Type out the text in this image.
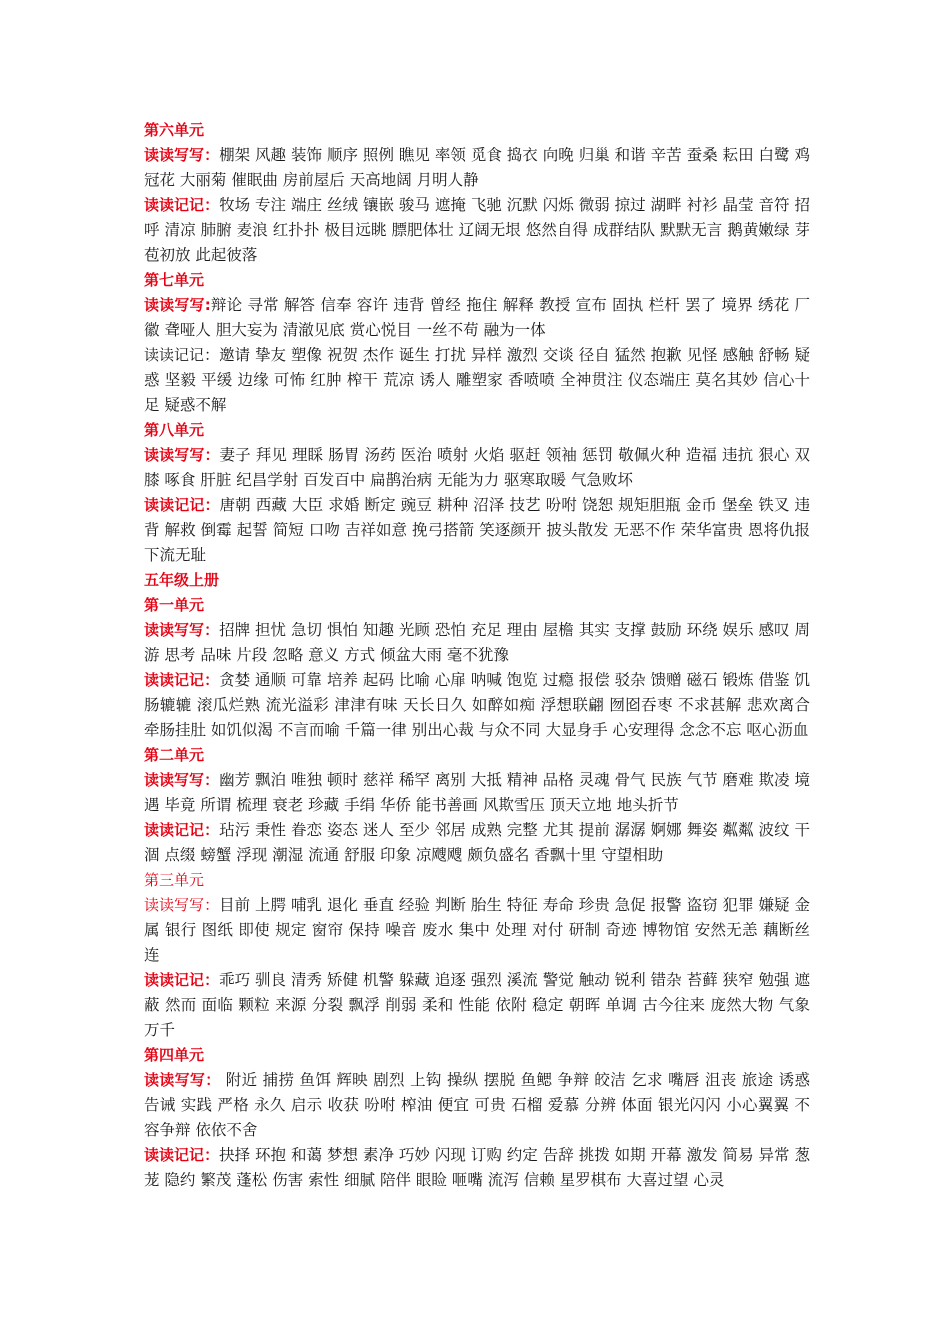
第六单元

读读写写：棚架 风趣 装饰 顺序 照例 瞧见 率领 觅食 捣衣 向晚 归巢 和谐 辛苦 蚕桑 耘田 白鹭 鸡冠花 大丽菊 催眠曲 房前屋后 天高地阔 月明人静

读读记记：牧场 专注 端庄 丝绒 镶嵌 骏马 遮掩 飞驰 沉默 闪烁 微弱 掠过 湖畔 衬衫 晶莹 音符 招呼 清凉 肺腑 麦浪 红扑扑 极目远眺 膘肥体壮 辽阔无垠 悠然自得 成群结队 默默无言 鹅黄嫩绿 芽苞初放 此起彼落

第七单元

读读写写:辩论 寻常 解答 信奉 容许 违背 曾经 拖住 解释 教授 宣布 固执 栏杆 罢了 境界 绣花 厂徽 聋哑人 胆大妄为 清澈见底 赏心悦目 一丝不苟 融为一体

读读记记：邀请 挚友 塑像 祝贺 杰作 诞生 打扰 异样 激烈 交谈 径自 猛然 抱歉 见怪 感触 舒畅 疑惑 坚毅 平缓 边缘 可怖 红肿 榨干 荒凉 诱人 雕塑家 香喷喷 全神贯注 仪态端庄 莫名其妙 信心十足 疑惑不解

第八单元

读读写写：妻子 拜见 理睬 肠胃 汤药 医治 喷射 火焰 驱赶 领袖 惩罚 敬佩火种 造福 违抗 狠心 双膝 啄食 肝脏 纪昌学射 百发百中 扁鹊治病 无能为力 驱寒取暖 气急败坏

读读记记：唐朝 西藏 大臣 求婚 断定 豌豆 耕种 沼泽 技艺 吩咐 饶恕 规矩胆瓶 金币 堡垒 铁叉 违背 解救 倒霉 起誓 简短 口吻 吉祥如意 挽弓搭箭 笑逐颜开 披头散发 无恶不作 荣华富贵 恩将仇报 下流无耻

五年级上册

第一单元

读读写写：招牌 担忧 急切 惧怕 知趣 光顾 恐怕 充足 理由 屋檐 其实 支撑 鼓励 环绕 娱乐 感叹 周游 思考 品味 片段 忽略 意义 方式 倾盆大雨 毫不犹豫

读读记记：贪婪 通顺 可靠 培养 起码 比喻 心扉 呐喊 饱览 过瘾 报偿 驳杂 馈赠 磁石 锻炼 借鉴 饥肠辘辘 滚瓜烂熟 流光溢彩 津津有味 天长日久 如醉如痴 浮想联翩 囫囵吞枣 不求甚解 悲欢离合 牵肠挂肚 如饥似渴 不言而喻 千篇一律 别出心裁 与众不同 大显身手 心安理得 念念不忘 呕心沥血

第二单元

读读写写：幽芳 飘泊 唯独 顿时 慈祥 稀罕 离别 大抵 精神 品格 灵魂 骨气 民族 气节 磨难 欺凌 境遇 毕竟 所谓 梳理 衰老 珍藏 手绢 华侨 能书善画 风欺雪压 顶天立地 地头折节

读读记记：玷污 秉性 眷恋 姿态 迷人 至少 邻居 成熟 完整 尤其 提前 潺潺 婀娜 舞姿 粼粼 波纹 干涸 点缀 螃蟹 浮现 潮湿 流通 舒服 印象 凉飕飕 颇负盛名 香飘十里 守望相助

第三单元

读读写写：目前 上腭 哺乳 退化 垂直 经验 判断 胎生 特征 寿命 珍贵 急促 报警 盗窃 犯罪 嫌疑 金属 银行 图纸 即使 规定 窗帘 保持 噪音 废水 集中 处理 对付 研制 奇迹 博物馆 安然无恙 藕断丝连

读读记记：乖巧 驯良 清秀 矫健 机警 躲藏 追逐 强烈 溪流 警觉 触动 锐利 错杂 苔藓 狭窄 勉强 遮蔽 然而 面临 颗粒 来源 分裂 飘浮 削弱 柔和 性能 依附 稳定 朝晖 单调 古今往来 庞然大物 气象万千

第四单元

读读写写： 附近 捕捞 鱼饵 辉映 剧烈 上钩 操纵 摆脱 鱼鳃 争辩 皎洁 乞求 嘴唇 沮丧 旅途 诱惑 告诫 实践 严格 永久 启示 收获 吩咐 榨油 便宜 可贵 石榴 爱慕 分辨 体面 银光闪闪 小心翼翼 不容争辩 依依不舍

读读记记：抉择 环抱 和蔼 梦想 素净 巧妙 闪现 订购 约定 告辞 挑拨 如期 开幕 激发 简易 异常 葱茏 隐约 繁茂 蓬松 伤害 索性 细腻 陪伴 眼睑 咂嘴 流泻 信赖 星罗棋布 大喜过望 心灵
